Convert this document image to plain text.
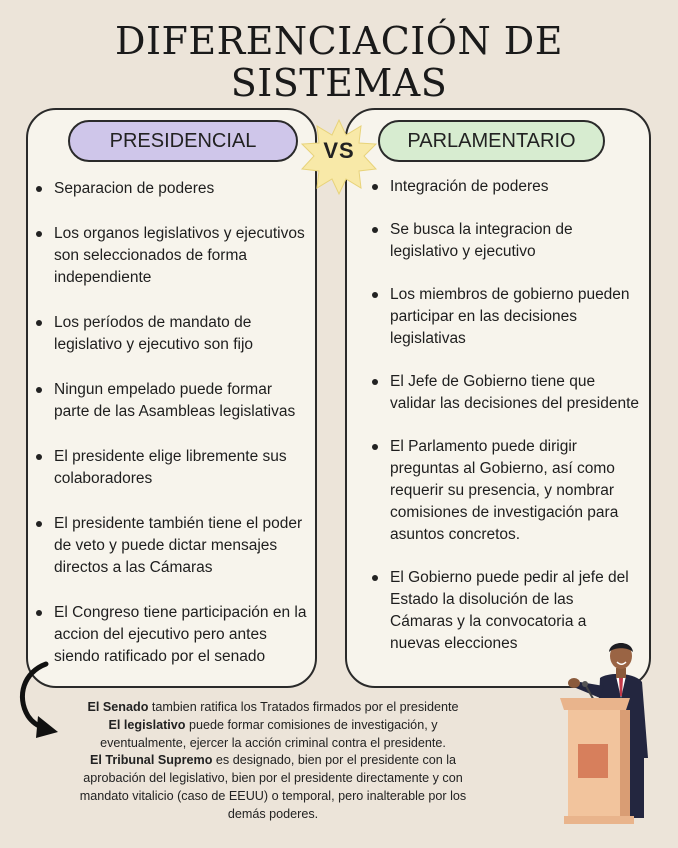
DIFERENCIACIÓN DE
SISTEMAS
PRESIDENCIAL	PARLAMENTARIO
VS
Separacion de poderes
Los organos legislativos y ejecutivos son seleccionados de forma independiente
Los períodos de mandato de legislativo y ejecutivo son fijo
Ningun empelado puede formar parte de las Asambleas legislativas
El presidente elige libremente sus colaboradores
El presidente también tiene el poder de veto y puede dictar mensajes directos a las Cámaras
El Congreso tiene participación en la accion del ejecutivo pero antes siendo ratificado por el senado
Integración de poderes
Se busca la integracion de legislativo y ejecutivo
Los miembros de gobierno pueden participar en las decisiones legislativas
El Jefe de Gobierno tiene que validar las decisiones del presidente
El Parlamento puede dirigir preguntas al Gobierno, así como requerir su presencia, y nombrar comisiones de investigación para asuntos concretos.
El Gobierno puede pedir al jefe del Estado la disolución de las Cámaras y la convocatoria a nuevas elecciones
El Senado tambien ratifica los Tratados firmados por el presidente
El legislativo puede formar comisiones de investigación, y eventualmente, ejercer la acción criminal contra el presidente.
El Tribunal Supremo es designado, bien por el presidente con la aprobación del legislativo, bien por el presidente directamente y con mandato vitalicio (caso de EEUU) o temporal, pero inalterable por los demás poderes.
